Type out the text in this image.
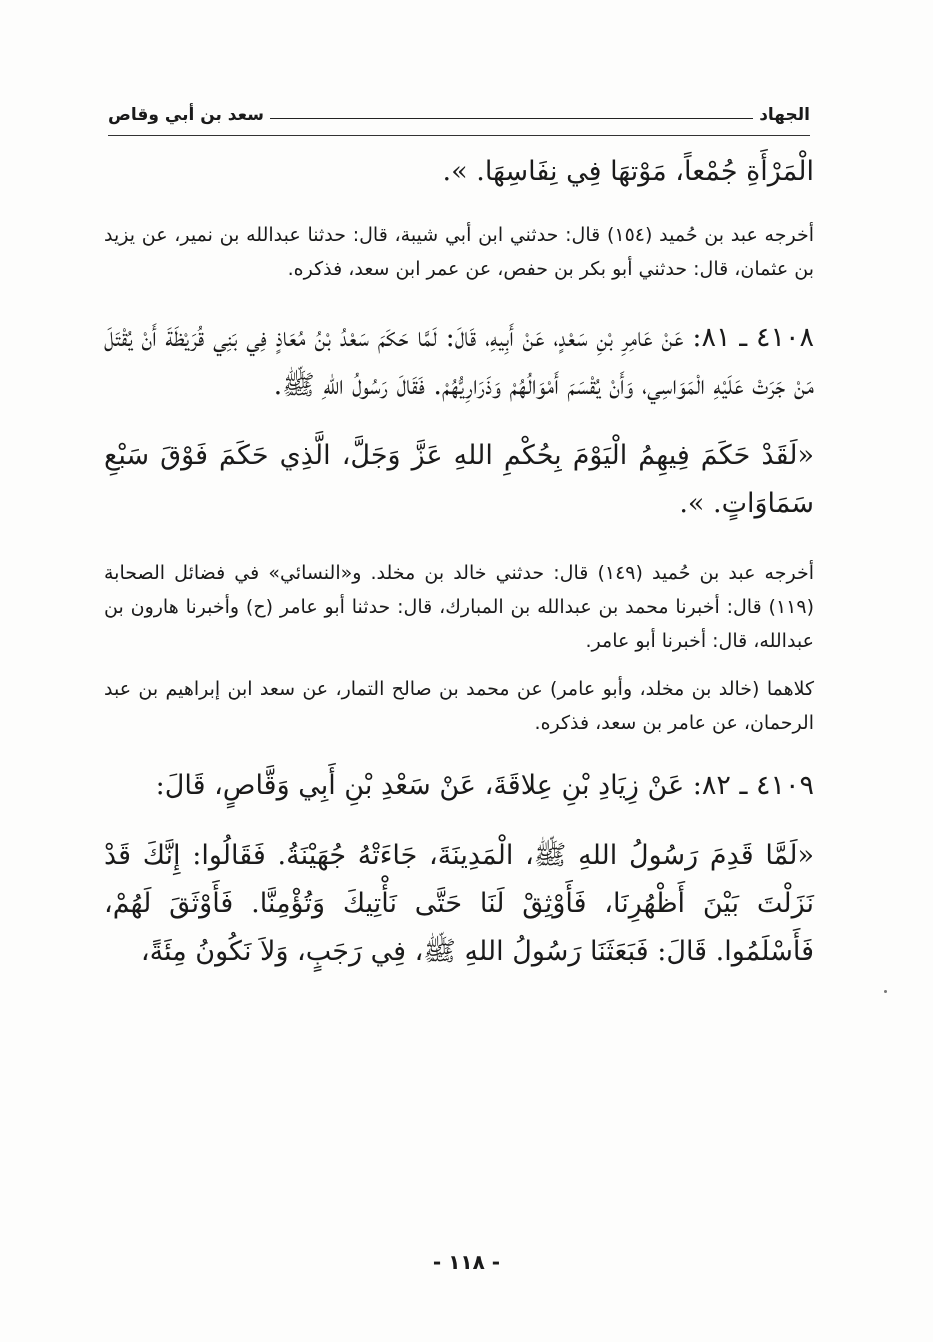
الجهاد
سعد بن أبي وقاص

الْمَرْأَةِ جُمْعاً، مَوْتهَا فِي نِفَاسِهَا. ».

أخرجه عبد بن حُميد (١٥٤) قال: حدثني ابن أبي شيبة، قال: حدثنا عبدالله بن نمير، عن يزيد بن عثمان، قال: حدثني أبو بكر بن حفص، عن عمر ابن سعد، فذكره.

٤١٠٨ ـ ٨١: عَنْ عَامِرِ بْنِ سَعْدٍ، عَنْ أَبِيهِ، قَالَ: لَمَّا حَكَمَ سَعْدُ بْنُ مُعَاذٍ فِي بَنِي قُرَيْظَةَ أَنْ يُقْتَلَ مَنْ جَرَتْ عَلَيْهِ الْمَوَاسِي، وَأَنْ يُقْسَمَ أَمْوَالُهُمْ وَذَرَارِيُّهُمْ. فَقَالَ رَسُولُ اللهِ ﷺ.

«لَقَدْ حَكَمَ فِيهِمُ الْيَوْمَ بِحُكْمِ اللهِ عَزَّ وَجَلَّ، الَّذِي حَكَمَ فَوْقَ سَبْعِ سَمَاوَاتٍ. ».

أخرجه عبد بن حُميد (١٤٩) قال: حدثني خالد بن مخلد. و«النسائي» في فضائل الصحابة (١١٩) قال: أخبرنا محمد بن عبدالله بن المبارك، قال: حدثنا أبو عامر (ح) وأخبرنا هارون بن عبدالله، قال: أخبرنا أبو عامر.

كلاهما (خالد بن مخلد، وأبو عامر) عن محمد بن صالح التمار، عن سعد ابن إبراهيم بن عبد الرحمان، عن عامر بن سعد، فذكره.

٤١٠٩ ـ ٨٢: عَنْ زِيَادِ بْنِ عِلاقَةَ، عَنْ سَعْدِ بْنِ أَبِي وَقَّاصٍ، قَالَ:

«لَمَّا قَدِمَ رَسُولُ اللهِ ﷺ، الْمَدِينَةَ، جَاءَتْهُ جُهَيْنَةُ. فَقَالُوا: إِنَّكَ قَدْ نَزَلْتَ بَيْنَ أَظْهُرِنَا، فَأَوْثِقْ لَنَا حَتَّى نَأْتِيكَ وَتُؤْمِنَّا. فَأَوْثَقَ لَهُمْ، فَأَسْلَمُوا. قَالَ: فَبَعَثَنَا رَسُولُ اللهِ ﷺ، فِي رَجَبٍ، وَلاَ نَكُونُ مِئَةً،

- ١١٨ -
